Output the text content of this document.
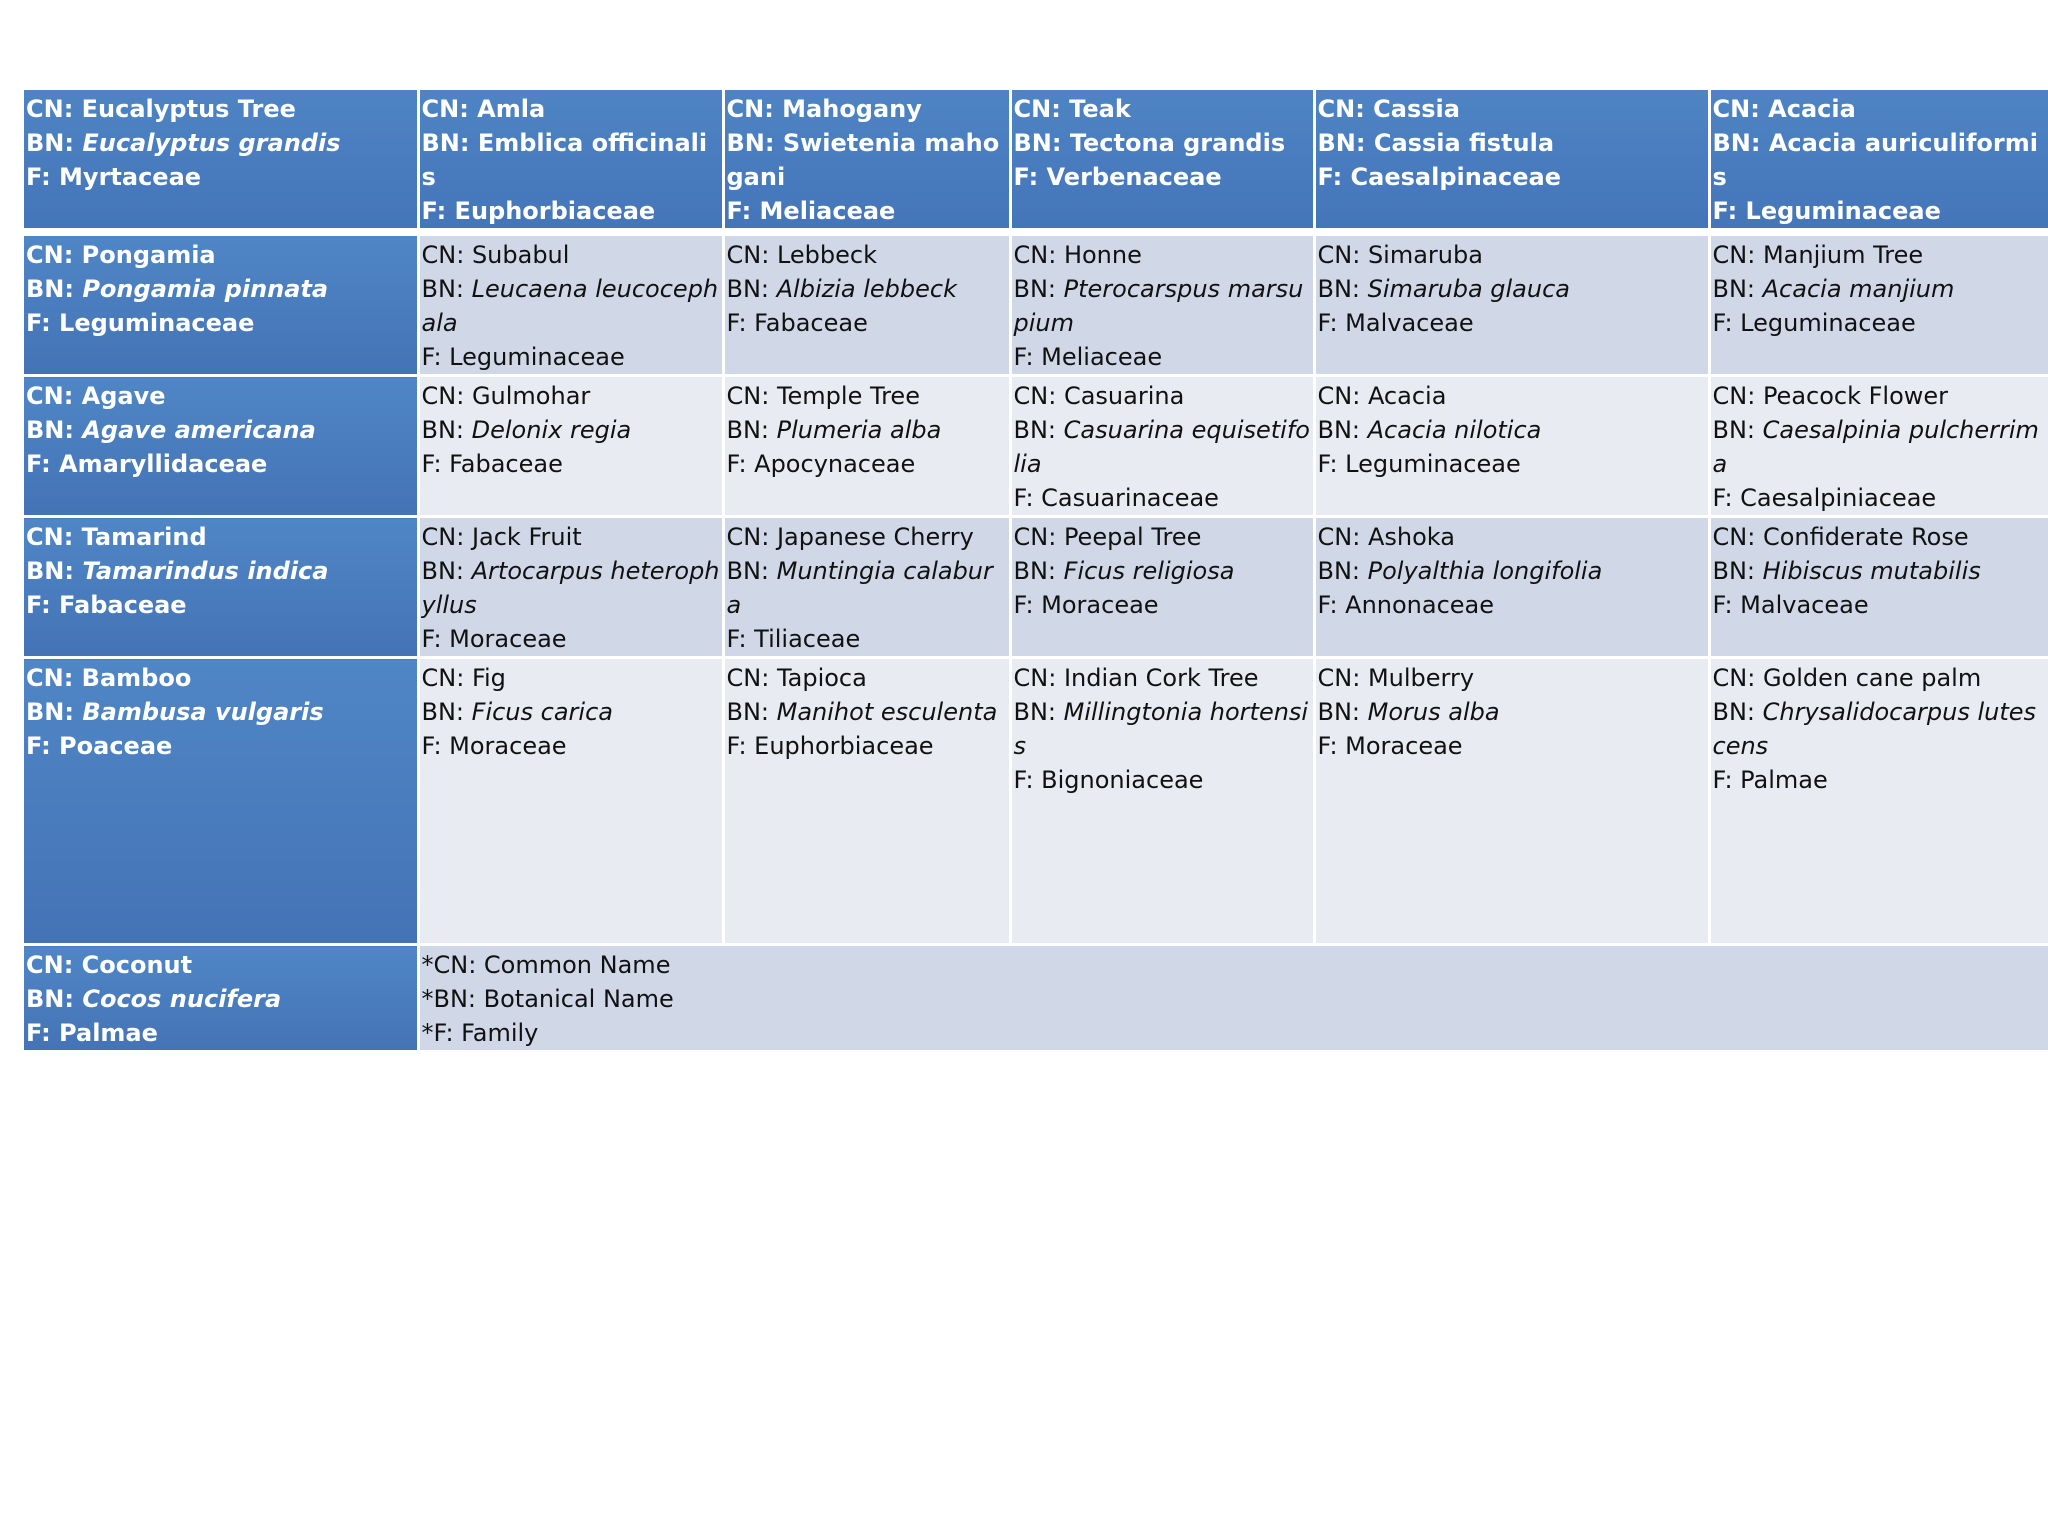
CN: Eucalyptus Tree
BN: Eucalyptus grandis
F: Myrtaceae	CN: Amla
BN: Emblica officinalis
F: Euphorbiaceae	CN: Mahogany
BN: Swietenia mahogani
F: Meliaceae	CN: Teak
BN: Tectona grandis
F: Verbenaceae	CN: Cassia
BN: Cassia fistula
F: Caesalpinaceae	CN: Acacia
BN: Acacia auriculiformis
F: Leguminaceae

CN: Pongamia
BN: Pongamia pinnata
F: Leguminaceae	CN: Subabul
BN: Leucaena leucocephala
F: Leguminaceae	CN: Lebbeck
BN: Albizia lebbeck
F: Fabaceae	CN: Honne
BN: Pterocarspus marsupium
F: Meliaceae	CN: Simaruba
BN: Simaruba glauca
F: Malvaceae	CN: Manjium Tree
BN: Acacia manjium
F: Leguminaceae

CN: Agave
BN: Agave americana
F: Amaryllidaceae	CN: Gulmohar
BN: Delonix regia
F: Fabaceae	CN: Temple Tree
BN: Plumeria alba
F: Apocynaceae	CN: Casuarina
BN: Casuarina equisetifolia
F: Casuarinaceae	CN: Acacia
BN: Acacia nilotica
F: Leguminaceae	CN: Peacock Flower
BN: Caesalpinia pulcherrima
F: Caesalpiniaceae

CN: Tamarind
BN: Tamarindus indica
F: Fabaceae	CN: Jack Fruit
BN: Artocarpus heterophyllus
F: Moraceae	CN: Japanese Cherry
BN: Muntingia calabura
F: Tiliaceae	CN: Peepal Tree
BN: Ficus religiosa
F: Moraceae	CN: Ashoka
BN: Polyalthia longifolia
F: Annonaceae	CN: Confiderate Rose
BN: Hibiscus mutabilis
F: Malvaceae

CN: Bamboo
BN: Bambusa vulgaris
F: Poaceae	CN: Fig
BN: Ficus carica
F: Moraceae	CN: Tapioca
BN: Manihot esculenta
F: Euphorbiaceae	CN: Indian Cork Tree
BN: Millingtonia hortensis
F: Bignoniaceae	CN: Mulberry
BN: Morus alba
F: Moraceae	CN: Golden cane palm
BN: Chrysalidocarpus lutescens
F: Palmae

CN: Coconut
BN: Cocos nucifera
F: Palmae	*CN: Common Name
*BN: Botanical Name
*F: Family				
